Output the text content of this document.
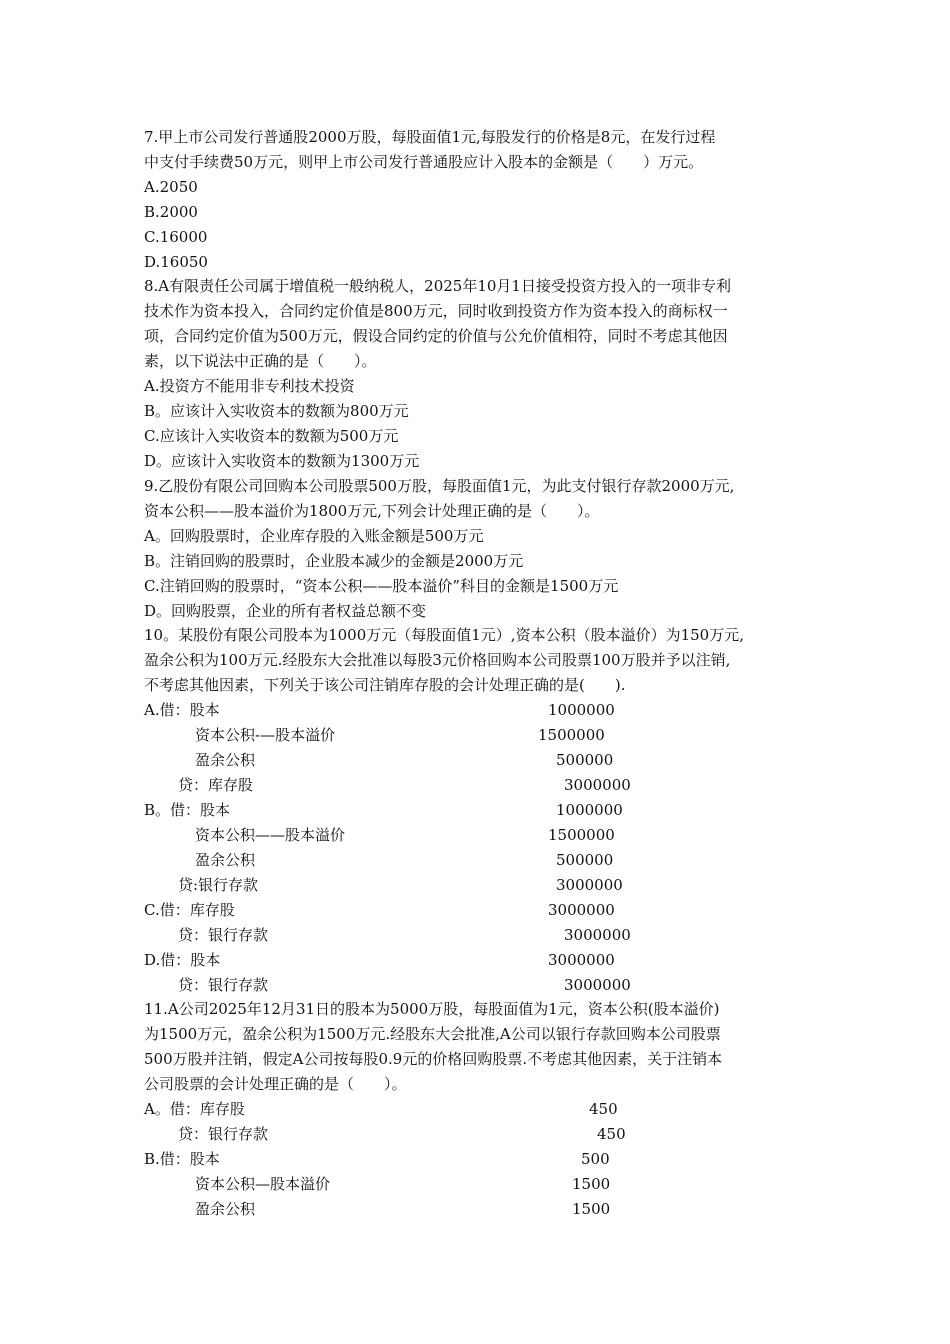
7.甲上市公司发行普通股2000万股，每股面值1元,每股发行的价格是8元，在发行过程
中支付手续费50万元，则甲上市公司发行普通股应计入股本的金额是（　　）万元。
A.2050
B.2000
C.16000
D.16050
8.A有限责任公司属于增值税一般纳税人，2025年10月1日接受投资方投入的一项非专利
技术作为资本投入，合同约定价值是800万元，同时收到投资方作为资本投入的商标权一
项，合同约定价值为500万元，假设合同约定的价值与公允价值相符，同时不考虑其他因
素，以下说法中正确的是（　　）。
A.投资方不能用非专利技术投资
B。应该计入实收资本的数额为800万元
C.应该计入实收资本的数额为500万元
D。应该计入实收资本的数额为1300万元
9.乙股份有限公司回购本公司股票500万股，每股面值1元，为此支付银行存款2000万元,
资本公积——股本溢价为1800万元,下列会计处理正确的是（　　）。
A。回购股票时，企业库存股的入账金额是500万元
B。注销回购的股票时，企业股本减少的金额是2000万元
C.注销回购的股票时，“资本公积——股本溢价”科目的金额是1500万元
D。回购股票，企业的所有者权益总额不变
10。某股份有限公司股本为1000万元（每股面值1元）,资本公积（股本溢价）为150万元,
盈余公积为100万元.经股东大会批准以每股3元价格回购本公司股票100万股并予以注销,
不考虑其他因素，下列关于该公司注销库存股的会计处理正确的是(　　).
A.借：股本	1000000
资本公积-—股本溢价	1500000
盈余公积	500000
贷：库存股	3000000
B。借：股本	1000000
资本公积——股本溢价	1500000
盈余公积	500000
贷:银行存款	3000000
C.借：库存股	3000000
贷：银行存款	3000000
D.借：股本	3000000
贷：银行存款	3000000
11.A公司2025年12月31日的股本为5000万股，每股面值为1元，资本公积(股本溢价)
为1500万元，盈余公积为1500万元.经股东大会批准,A公司以银行存款回购本公司股票
500万股并注销，假定A公司按每股0.9元的价格回购股票.不考虑其他因素，关于注销本
公司股票的会计处理正确的是（　　）。
A。借：库存股	450
贷：银行存款	450
B.借：股本	500
资本公积—股本溢价	1500
盈余公积	1500
